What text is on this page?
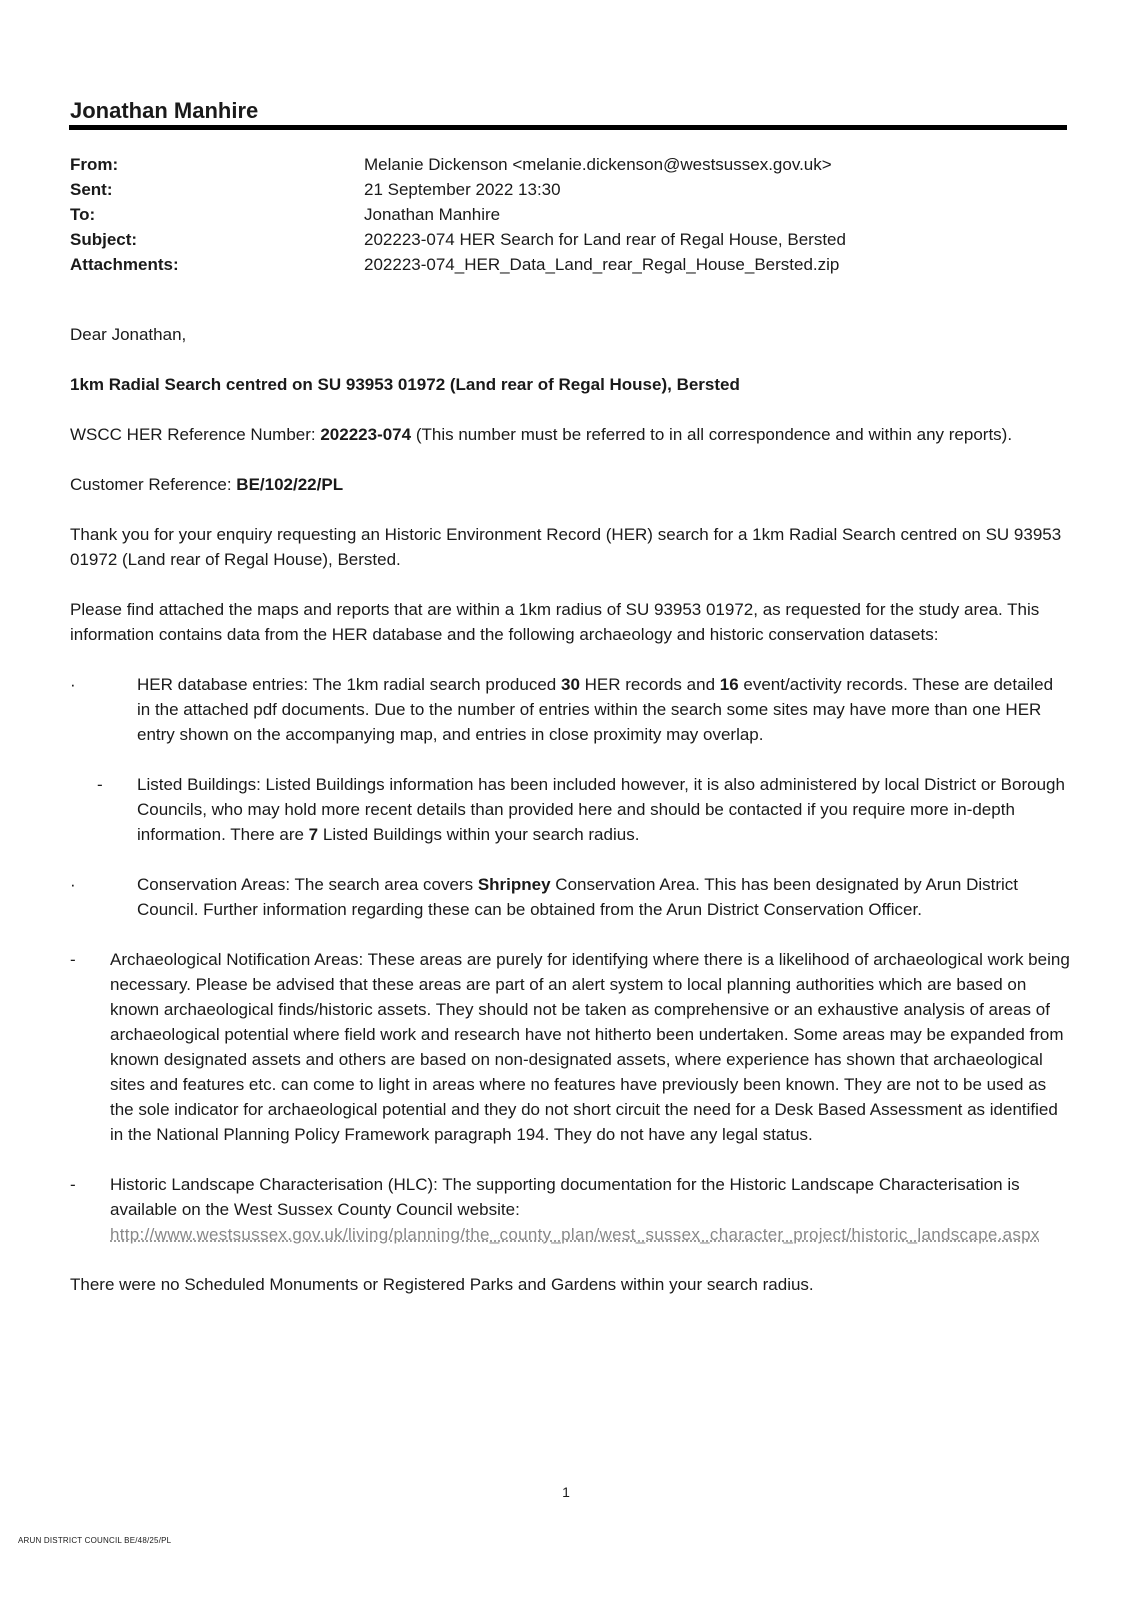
Jonathan Manhire
From:	Melanie Dickenson <melanie.dickenson@westsussex.gov.uk>
Sent:	21 September 2022 13:30
To:	Jonathan Manhire
Subject:	202223-074 HER Search for Land rear of Regal House, Bersted
Attachments:	202223-074_HER_Data_Land_rear_Regal_House_Bersted.zip

Dear Jonathan,

1km Radial Search centred on SU 93953 01972 (Land rear of Regal House), Bersted

WSCC HER Reference Number: 202223-074 (This number must be referred to in all correspondence and within any reports).

Customer Reference: BE/102/22/PL

Thank you for your enquiry requesting an Historic Environment Record (HER) search for a 1km Radial Search centred on SU 93953 01972 (Land rear of Regal House), Bersted.

Please find attached the maps and reports that are within a 1km radius of SU 93953 01972, as requested for the study area. This information contains data from the HER database and the following archaeology and historic conservation datasets:

·	HER database entries: The 1km radial search produced 30 HER records and 16 event/activity records. These are detailed in the attached pdf documents. Due to the number of entries within the search some sites may have more than one HER entry shown on the accompanying map, and entries in close proximity may overlap.
- Listed Buildings: Listed Buildings information has been included however, it is also administered by local District or Borough Councils, who may hold more recent details than provided here and should be contacted if you require more in-depth information. There are 7 Listed Buildings within your search radius.
·	Conservation Areas: The search area covers Shripney Conservation Area. This has been designated by Arun District Council. Further information regarding these can be obtained from the Arun District Conservation Officer.
- Archaeological Notification Areas: These areas are purely for identifying where there is a likelihood of archaeological work being necessary. Please be advised that these areas are part of an alert system to local planning authorities which are based on known archaeological finds/historic assets. They should not be taken as comprehensive or an exhaustive analysis of areas of archaeological potential where field work and research have not hitherto been undertaken. Some areas may be expanded from known designated assets and others are based on non-designated assets, where experience has shown that archaeological sites and features etc. can come to light in areas where no features have previously been known. They are not to be used as the sole indicator for archaeological potential and they do not short circuit the need for a Desk Based Assessment as identified in the National Planning Policy Framework paragraph 194. They do not have any legal status.
- Historic Landscape Characterisation (HLC): The supporting documentation for the Historic Landscape Characterisation is available on the West Sussex County Council website:
http://www.westsussex.gov.uk/living/planning/the_county_plan/west_sussex_character_project/historic_landscape.aspx

There were no Scheduled Monuments or Registered Parks and Gardens within your search radius.

1
ARUN DISTRICT COUNCIL BE/48/25/PL
